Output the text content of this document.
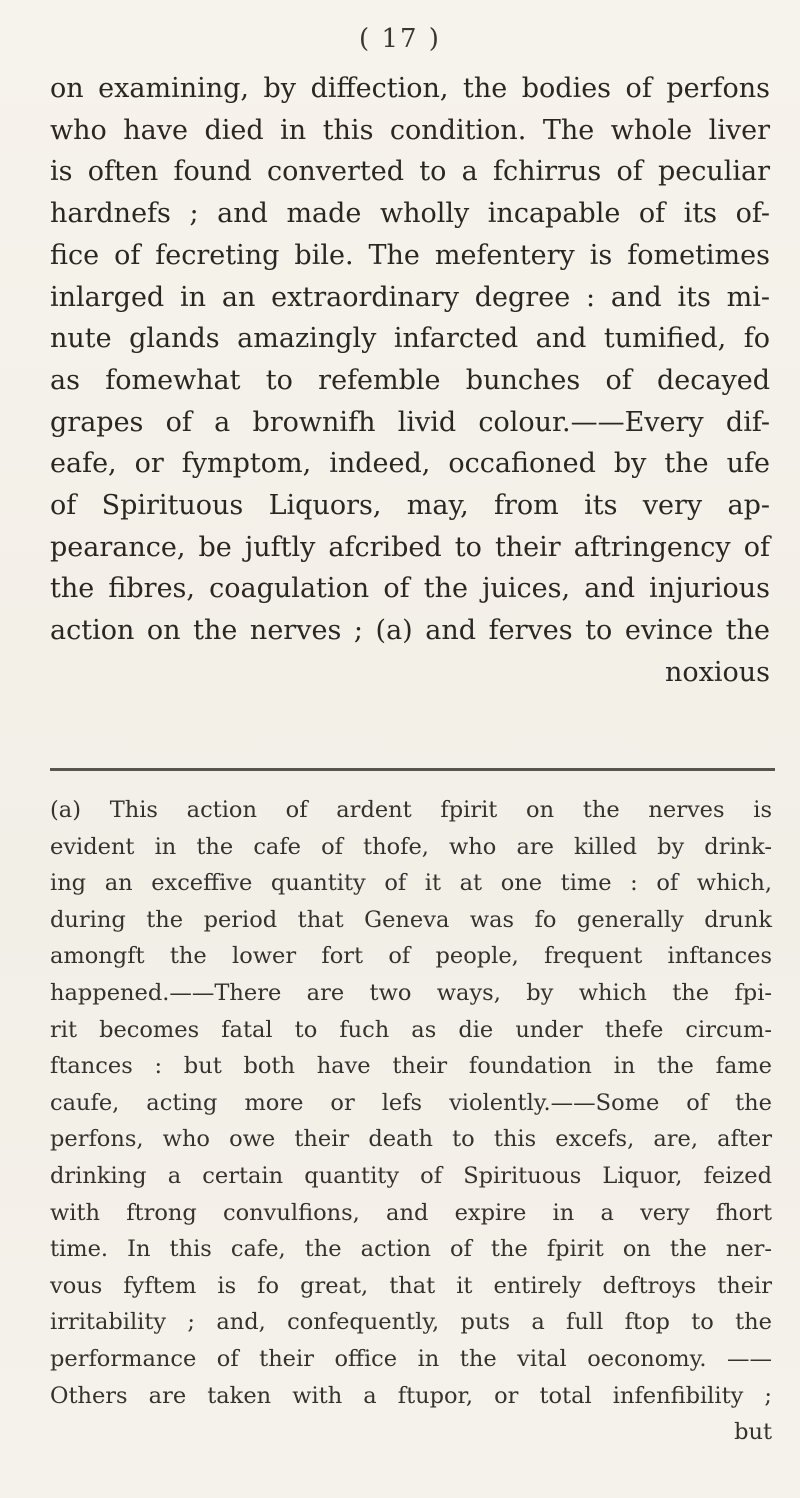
( 17 )
on examining, by diffection, the bodies of perfons
who have died in this condition. The whole liver
is often found converted to a fchirrus of peculiar
hardnefs ; and made wholly incapable of its of-
fice of fecreting bile. The mefentery is fometimes
inlarged in an extraordinary degree : and its mi-
nute glands amazingly infarcted and tumified, fo
as fomewhat to refemble bunches of decayed
grapes of a brownifh livid colour.——Every dif-
eafe, or fymptom, indeed, occafioned by the ufe
of Spirituous Liquors, may, from its very ap-
pearance, be juftly afcribed to their aftringency of
the fibres, coagulation of the juices, and injurious
action on the nerves ; (a) and ferves to evince the
noxious
(a) This action of ardent fpirit on the nerves is
evident in the cafe of thofe, who are killed by drink-
ing an exceffive quantity of it at one time : of which,
during the period that Geneva was fo generally drunk
amongft the lower fort of people, frequent inftances
happened.——There are two ways, by which the fpi-
rit becomes fatal to fuch as die under thefe circum-
ftances : but both have their foundation in the fame
caufe, acting more or lefs violently.——Some of the
perfons, who owe their death to this excefs, are, after
drinking a certain quantity of Spirituous Liquor, feized
with ftrong convulfions, and expire in a very fhort
time. In this cafe, the action of the fpirit on the ner-
vous fyftem is fo great, that it entirely deftroys their
irritability ; and, confequently, puts a full ftop to the
performance of their office in the vital oeconomy. ——
Others are taken with a ftupor, or total infenfibility ;
but
